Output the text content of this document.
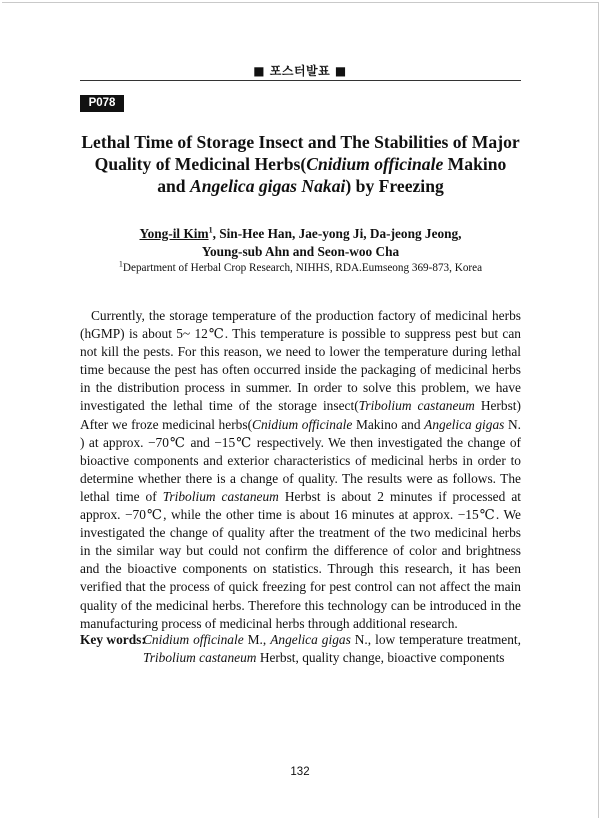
■ 포스터발표 ■
P078
Lethal Time of Storage Insect and The Stabilities of Major Quality of Medicinal Herbs(Cnidium officinale Makino and Angelica gigas Nakai) by Freezing
Yong-il Kim$^1$, Sin-Hee Han, Jae-yong Ji, Da-jeong Jeong,
Young-sub Ahn and Seon-woo Cha
$^1$Department of Herbal Crop Research, NIHHS, RDA.Eumseong 369-873, Korea

Currently, the storage temperature of the production factory of medicinal herbs (hGMP) is about 5~ 12℃. This temperature is possible to suppress pest but can not kill the pests. For this reason, we need to lower the temperature during lethal time because the pest has often occurred inside the packaging of medicinal herbs in the distribution process in summer. In order to solve this problem, we have investigated the lethal time of the storage insect(Tribolium castaneum Herbst) After we froze medicinal herbs(Cnidium officinale Makino and Angelica gigas N. ) at approx. −70℃ and −15℃ respectively. We then investigated the change of bioactive components and exterior characteristics of medicinal herbs in order to determine whether there is a change of quality. The results were as follows. The lethal time of Tribolium castaneum Herbst is about 2 minutes if processed at approx. −70℃, while the other time is about 16 minutes at approx. −15℃. We investigated the change of quality after the treatment of the two medicinal herbs in the similar way but could not confirm the difference of color and brightness and the bioactive components on statistics. Through this research, it has been verified that the process of quick freezing for pest control can not affect the main quality of the medicinal herbs. Therefore this technology can be introduced in the manufacturing process of medicinal herbs through additional research.

Key words:
Cnidium officinale M., Angelica gigas N., low temperature treatment, Tribolium castaneum Herbst, quality change, bioactive components
132
